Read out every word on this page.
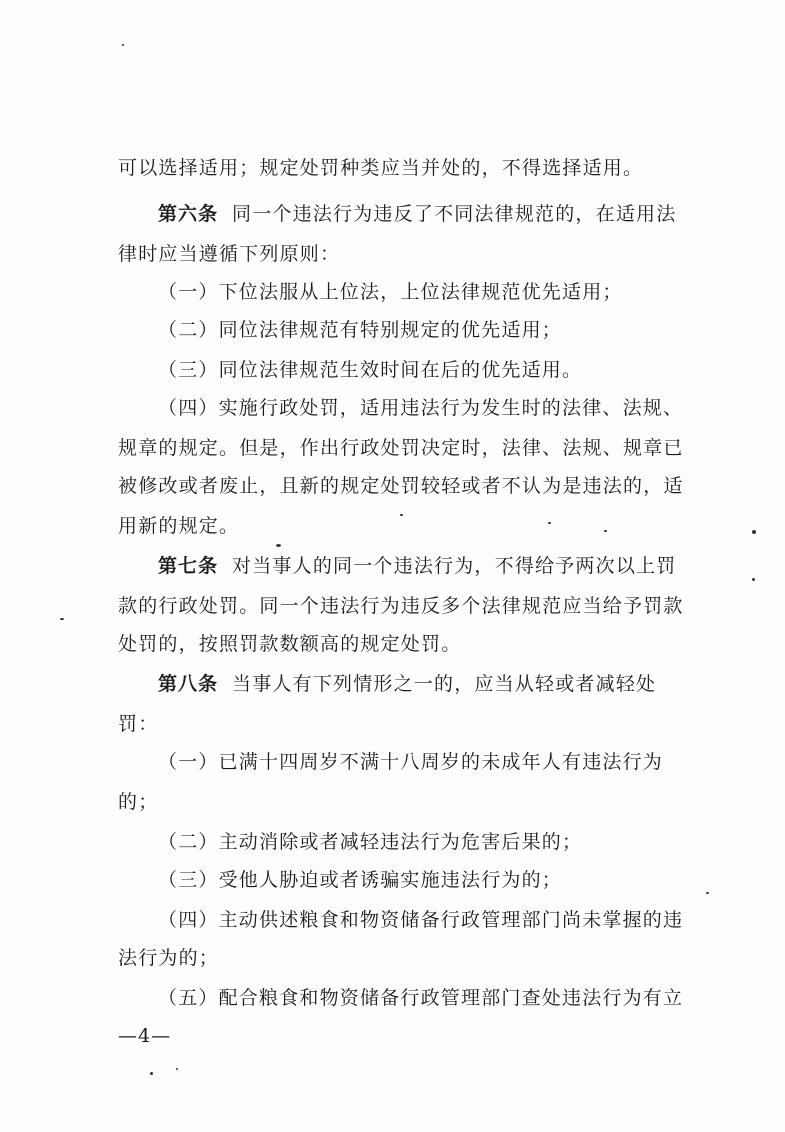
可以选择适用；规定处罚种类应当并处的，不得选择适用。
第六条 同一个违法行为违反了不同法律规范的，在适用法
律时应当遵循下列原则：
（一）下位法服从上位法，上位法律规范优先适用；
（二）同位法律规范有特别规定的优先适用；
（三）同位法律规范生效时间在后的优先适用。
（四）实施行政处罚，适用违法行为发生时的法律、法规、
规章的规定。但是，作出行政处罚决定时，法律、法规、规章已
被修改或者废止，且新的规定处罚较轻或者不认为是违法的，适
用新的规定。
第七条 对当事人的同一个违法行为，不得给予两次以上罚
款的行政处罚。同一个违法行为违反多个法律规范应当给予罚款
处罚的，按照罚款数额高的规定处罚。
第八条 当事人有下列情形之一的，应当从轻或者减轻处
罚：
（一）已满十四周岁不满十八周岁的未成年人有违法行为
的；
（二）主动消除或者减轻违法行为危害后果的；
（三）受他人胁迫或者诱骗实施违法行为的；
（四）主动供述粮食和物资储备行政管理部门尚未掌握的违
法行为的；
（五）配合粮食和物资储备行政管理部门查处违法行为有立
—4—
